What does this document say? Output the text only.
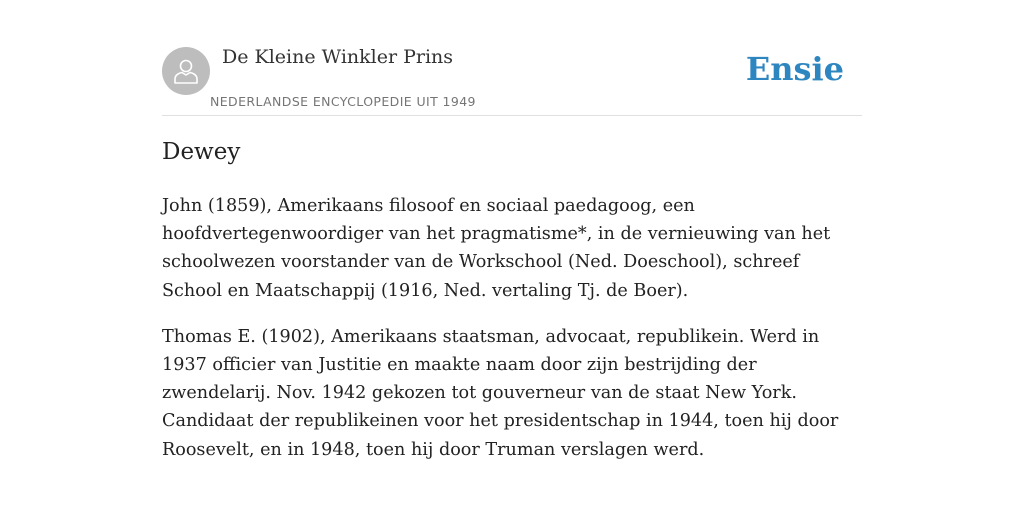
De Kleine Winkler Prins
NEDERLANDSE ENCYCLOPEDIE UIT 1949
Ensie
Dewey

John (1859), Amerikaans filosoof en sociaal paedagoog, een hoofdvertegenwoordiger van het pragmatisme*, in de vernieuwing van het schoolwezen voorstander van de Workschool (Ned. Doeschool), schreef School en Maatschappij (1916, Ned. vertaling Tj. de Boer).

Thomas E. (1902), Amerikaans staatsman, advocaat, republikein. Werd in 1937 officier van Justitie en maakte naam door zijn bestrijding der zwendelarij. Nov. 1942 gekozen tot gouverneur van de staat New York. Candidaat der republikeinen voor het presidentschap in 1944, toen hij door Roosevelt, en in 1948, toen hij door Truman verslagen werd.
